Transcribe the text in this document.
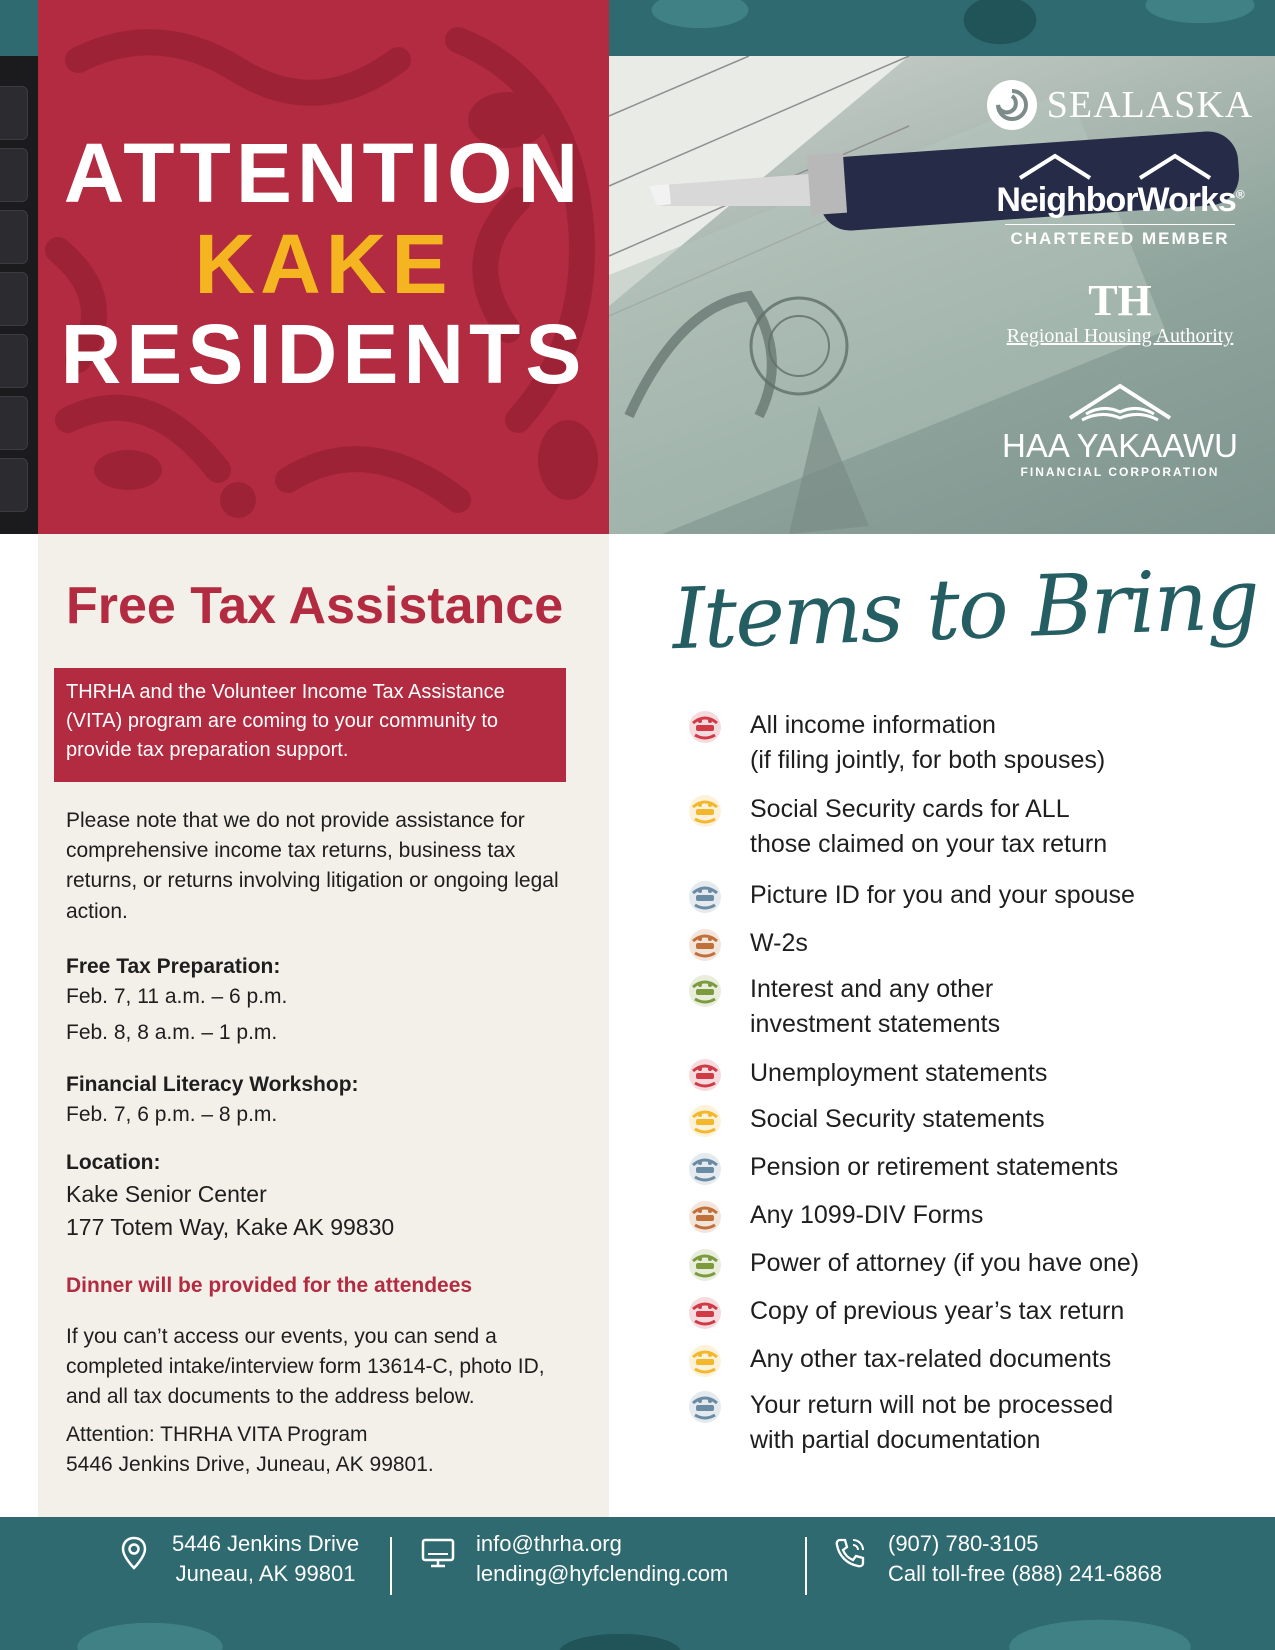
ATTENTION
KAKE
RESIDENTS
SEALASKA
NeighborWorks®
CHARTERED MEMBER
TH
Regional Housing Authority
HAA YAKAAWU
FINANCIAL CORPORATION
Free Tax Assistance
THRHA and the Volunteer Income Tax Assistance (VITA) program are coming to your community to provide tax preparation support.

Please note that we do not provide assistance for comprehensive income tax returns, business tax returns, or returns involving litigation or ongoing legal action.

Free Tax Preparation:
Feb. 7, 11 a.m. – 6 p.m.
Feb. 8, 8 a.m. – 1 p.m.
Financial Literacy Workshop:
Feb. 7, 6 p.m. – 8 p.m.
Location:
Kake Senior Center
177 Totem Way, Kake AK 99830
Dinner will be provided for the attendees

If you can’t access our events, you can send a completed intake/interview form 13614-C, photo ID, and all tax documents to the address below.

Attention: THRHA VITA Program
5446 Jenkins Drive, Juneau, AK 99801.
Items to Bring
All income information
(if filing jointly, for both spouses)
Social Security cards for ALL
those claimed on your tax return
Picture ID for you and your spouse
W-2s
Interest and any other
investment statements
Unemployment statements
Social Security statements
Pension or retirement statements
Any 1099-DIV Forms
Power of attorney (if you have one)
Copy of previous year’s tax return
Any other tax-related documents
Your return will not be processed
with partial documentation
5446 Jenkins Drive
Juneau, AK 99801
info@thrha.org
lending@hyfclending.com
(907) 780-3105
Call toll-free (888) 241-6868
